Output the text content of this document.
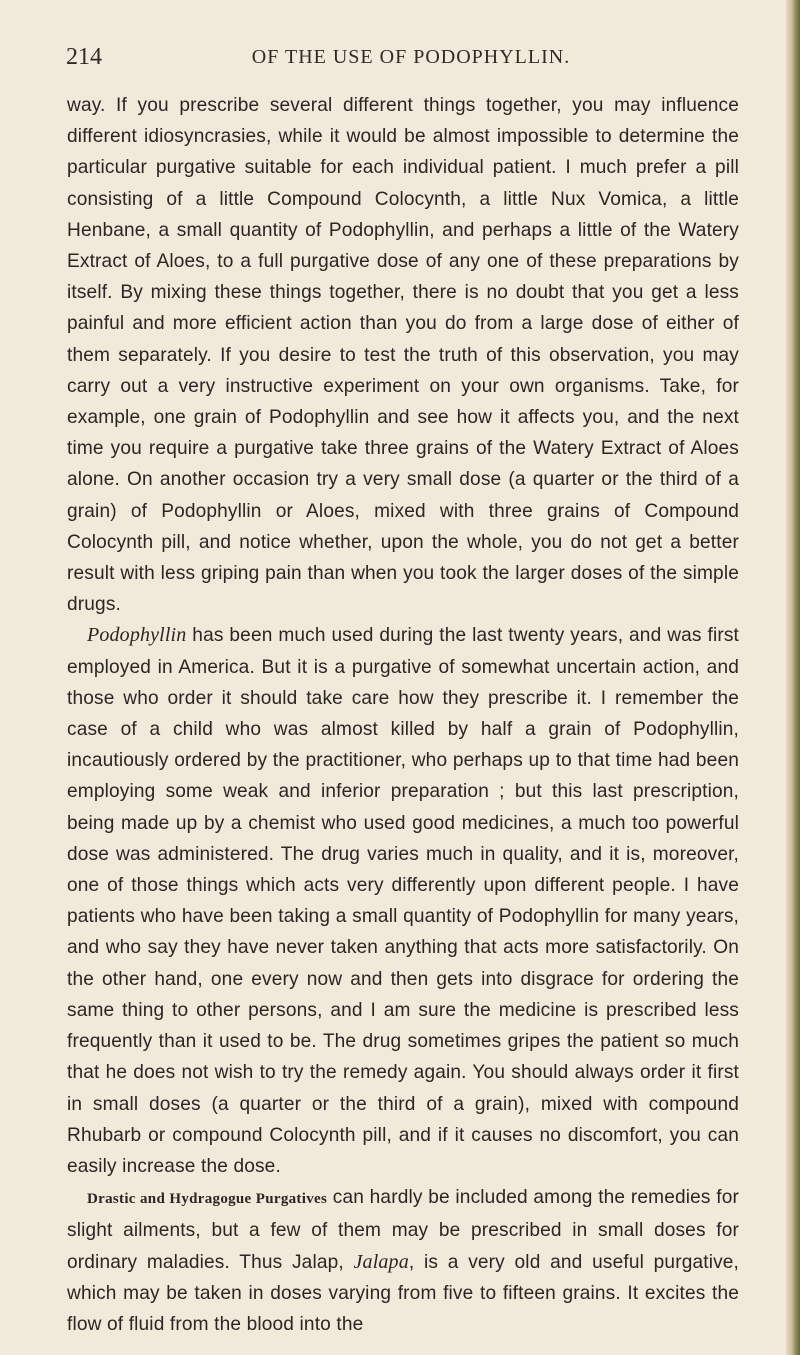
214	OF THE USE OF PODOPHYLLIN.

way. If you prescribe several different things together, you may influence different idiosyncrasies, while it would be almost impossible to determine the particular purgative suitable for each individual patient. I much prefer a pill consisting of a little Compound Colocynth, a little Nux Vomica, a little Henbane, a small quantity of Podophyllin, and perhaps a little of the Watery Extract of Aloes, to a full purgative dose of any one of these preparations by itself. By mixing these things together, there is no doubt that you get a less painful and more efficient action than you do from a large dose of either of them separately. If you desire to test the truth of this observation, you may carry out a very instructive experiment on your own organisms. Take, for example, one grain of Podophyllin and see how it affects you, and the next time you require a purgative take three grains of the Watery Extract of Aloes alone. On another occasion try a very small dose (a quarter or the third of a grain) of Podophyllin or Aloes, mixed with three grains of Compound Colocynth pill, and notice whether, upon the whole, you do not get a better result with less griping pain than when you took the larger doses of the simple drugs.

Podophyllin has been much used during the last twenty years, and was first employed in America. But it is a purgative of somewhat uncertain action, and those who order it should take care how they prescribe it. I remember the case of a child who was almost killed by half a grain of Podophyllin, incautiously ordered by the practitioner, who perhaps up to that time had been employing some weak and inferior preparation ; but this last prescription, being made up by a chemist who used good medicines, a much too powerful dose was administered. The drug varies much in quality, and it is, moreover, one of those things which acts very differently upon different people. I have patients who have been taking a small quantity of Podophyllin for many years, and who say they have never taken anything that acts more satisfactorily. On the other hand, one every now and then gets into disgrace for ordering the same thing to other persons, and I am sure the medicine is prescribed less frequently than it used to be. The drug sometimes gripes the patient so much that he does not wish to try the remedy again. You should always order it first in small doses (a quarter or the third of a grain), mixed with compound Rhubarb or compound Colocynth pill, and if it causes no discomfort, you can easily increase the dose.

Drastic and Hydragogue Purgatives can hardly be included among the remedies for slight ailments, but a few of them may be prescribed in small doses for ordinary maladies. Thus Jalap, Jalapa, is a very old and useful purgative, which may be taken in doses varying from five to fifteen grains. It excites the flow of fluid from the blood into the
